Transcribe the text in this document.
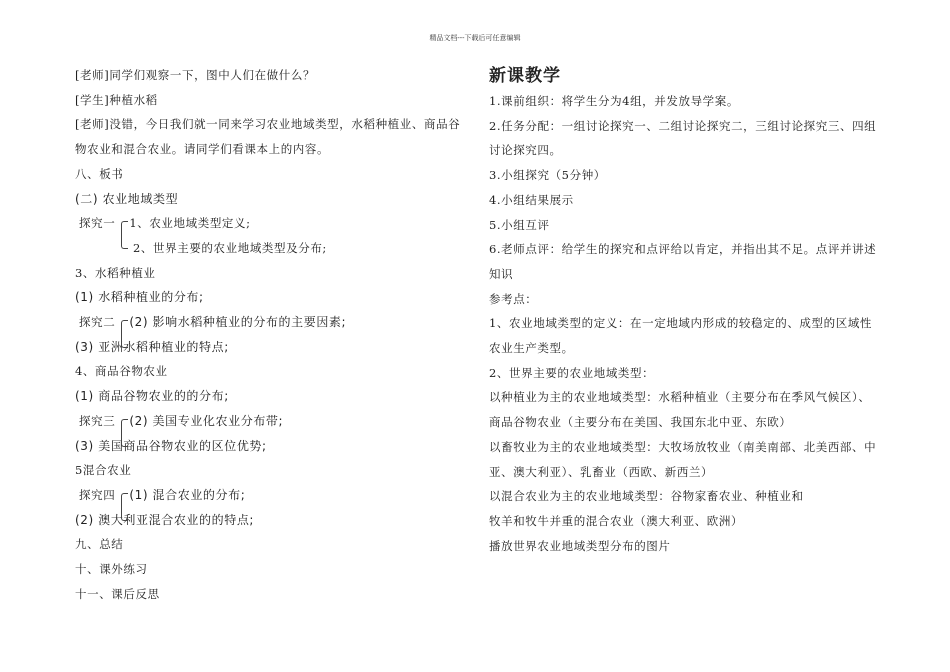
精品文档---下载后可任意编辑
[老师]同学们观察一下，图中人们在做什么？
[学生]种植水稻
[老师]没错，今日我们就一同来学习农业地域类型，水稻种植业、商品谷
物农业和混合农业。请同学们看课本上的内容。
八、板书
(二) 农业地域类型
探究一 1、农业地域类型定义;
2、世界主要的农业地域类型及分布;
3、水稻种植业
(1) 水稻种植业的分布;
探究二 (2) 影响水稻种植业的分布的主要因素;
(3) 亚洲水稻种植业的特点;
4、商品谷物农业
(1) 商品谷物农业的的分布;
探究三 (2) 美国专业化农业分布带;
(3) 美国商品谷物农业的区位优势;
5混合农业
探究四 (1) 混合农业的分布;
(2) 澳大利亚混合农业的的特点;
九、总结
十、课外练习
十一、课后反思
新课教学
1.课前组织：将学生分为4组，并发放导学案。
2.任务分配：一组讨论探究一、二组讨论探究二，三组讨论探究三、四组
讨论探究四。
3.小组探究（5分钟）
4.小组结果展示
5.小组互评
6.老师点评：给学生的探究和点评给以肯定，并指出其不足。点评并讲述
知识
参考点：
1、农业地域类型的定义：在一定地域内形成的较稳定的、成型的区域性
农业生产类型。
2、世界主要的农业地域类型：
以种植业为主的农业地域类型：水稻种植业（主要分布在季风气候区）、
商品谷物农业（主要分布在美国、我国东北中亚、东欧）
以畜牧业为主的农业地域类型：大牧场放牧业（南美南部、北美西部、中
亚、澳大利亚）、乳畜业（西欧、新西兰）
以混合农业为主的农业地域类型：谷物家畜农业、种植业和
牧羊和牧牛并重的混合农业（澳大利亚、欧洲）
播放世界农业地域类型分布的图片
